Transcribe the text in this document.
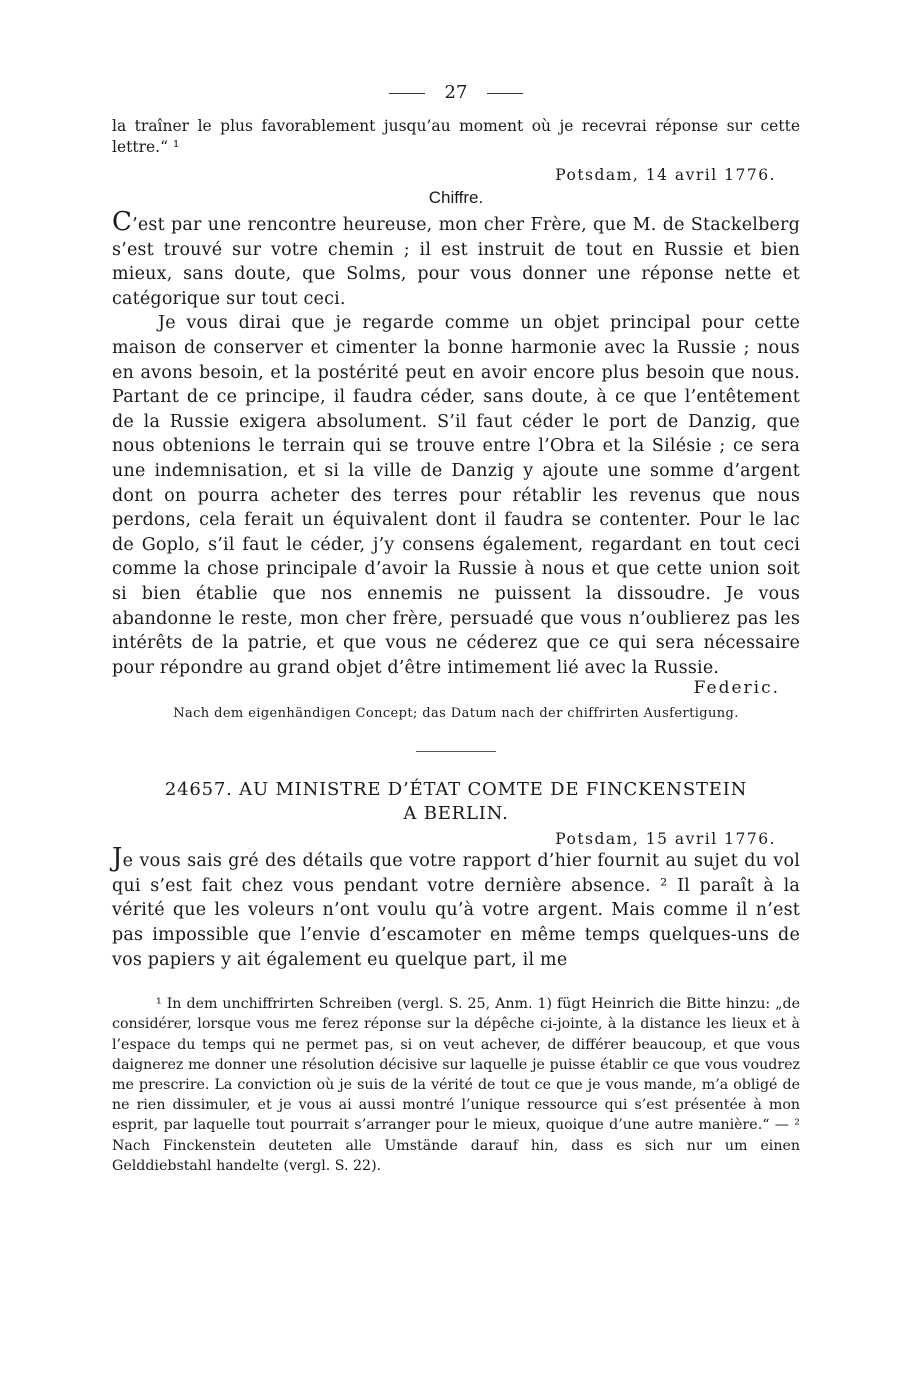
27
la traîner le plus favorablement jusqu’au moment où je recevrai réponse sur cette lettre.“ ¹
Potsdam, 14 avril 1776.
Chiffre.

C’est par une rencontre heureuse, mon cher Frère, que M. de Stackelberg s’est trouvé sur votre chemin ; il est instruit de tout en Russie et bien mieux, sans doute, que Solms, pour vous donner une réponse nette et catégorique sur tout ceci.

Je vous dirai que je regarde comme un objet principal pour cette maison de conserver et cimenter la bonne harmonie avec la Russie ; nous en avons besoin, et la postérité peut en avoir encore plus besoin que nous. Partant de ce principe, il faudra céder, sans doute, à ce que l’entêtement de la Russie exigera absolument. S’il faut céder le port de Danzig, que nous obtenions le terrain qui se trouve entre l’Obra et la Silésie ; ce sera une indemnisation, et si la ville de Danzig y ajoute une somme d’argent dont on pourra acheter des terres pour rétablir les revenus que nous perdons, cela ferait un équivalent dont il faudra se contenter. Pour le lac de Goplo, s’il faut le céder, j’y consens également, regardant en tout ceci comme la chose principale d’avoir la Russie à nous et que cette union soit si bien établie que nos ennemis ne puissent la dissoudre. Je vous abandonne le reste, mon cher frère, persuadé que vous n’oublierez pas les intérêts de la patrie, et que vous ne céderez que ce qui sera nécessaire pour répondre au grand objet d’être intimement lié avec la Russie.

Federic.
Nach dem eigenhändigen Concept; das Datum nach der chiffrirten Ausfertigung.
24657. AU MINISTRE D’ÉTAT COMTE DE FINCKENSTEIN
A BERLIN.
Potsdam, 15 avril 1776.

Je vous sais gré des détails que votre rapport d’hier fournit au sujet du vol qui s’est fait chez vous pendant votre dernière absence. ² Il paraît à la vérité que les voleurs n’ont voulu qu’à votre argent. Mais comme il n’est pas impossible que l’envie d’escamoter en même temps quelques-uns de vos papiers y ait également eu quelque part, il me

¹ In dem unchiffrirten Schreiben (vergl. S. 25, Anm. 1) fügt Heinrich die Bitte hinzu: „de considérer, lorsque vous me ferez réponse sur la dépêche ci-jointe, à la distance les lieux et à l’espace du temps qui ne permet pas, si on veut achever, de différer beaucoup, et que vous daignerez me donner une résolution décisive sur laquelle je puisse établir ce que vous voudrez me prescrire. La conviction où je suis de la vérité de tout ce que je vous mande, m’a obligé de ne rien dissimuler, et je vous ai aussi montré l’unique ressource qui s’est présentée à mon esprit, par laquelle tout pourrait s’arranger pour le mieux, quoique d’une autre manière.“ — ² Nach Finckenstein deuteten alle Umstände darauf hin, dass es sich nur um einen Gelddiebstahl handelte (vergl. S. 22).
